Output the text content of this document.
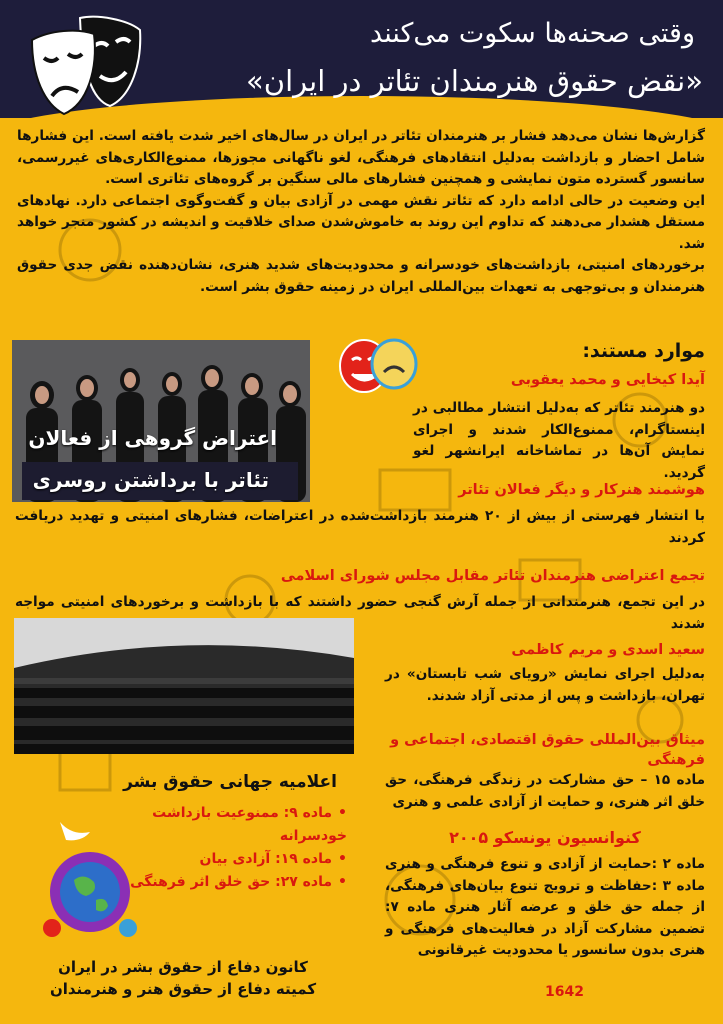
وقتی صحنه‌ها سکوت می‌کنند
«نقض حقوق هنرمندان تئاتر در ایران»

گزارش‌ها نشان می‌دهد فشار بر هنرمندان تئاتر در ایران در سال‌های اخیر شدت یافته است. این فشارها شامل احضار و بازداشت به‌دلیل انتقادهای فرهنگی، لغو ناگهانی مجوزها، ممنوع‌الکاری‌های غیررسمی، سانسور گسترده متون نمایشی و همچنین فشارهای مالی سنگین بر گروه‌های تئاتری است.

این وضعیت در حالی ادامه دارد که تئاتر نقش مهمی در آزادی بیان و گفت‌وگوی اجتماعی دارد. نهادهای مستقل هشدار می‌دهند که تداوم این روند به خاموش‌شدن صدای خلاقیت و اندیشه در کشور منجر خواهد شد.

برخوردهای امنیتی، بازداشت‌های خودسرانه و محدودیت‌های شدید هنری، نشان‌دهنده نقض جدی حقوق هنرمندان و بی‌توجهی به تعهدات بین‌المللی ایران در زمینه حقوق بشر است.

اعتراض گروهی از فعالان
تئاتر با برداشتن روسری
موارد مستند:
آیدا کیخایی و محمد یعقوبی
دو هنرمند تئاتر که به‌دلیل انتشار مطالبی در اینستاگرام، ممنوع‌الکار شدند و اجرای نمایش آن‌ها در تماشاخانه ایرانشهر لغو گردید.
هوشمند هنرکار و دیگر فعالان تئاتر
با انتشار فهرستی از بیش از ۲۰ هنرمند بازداشت‌شده در اعتراضات، فشارهای امنیتی و تهدید دریافت کردند
تجمع اعتراضی هنرمندان تئاتر مقابل مجلس شورای اسلامی
در این تجمع، هنرمندانی از جمله آرش گنجی حضور داشتند که با بازداشت و برخوردهای امنیتی مواجه شدند
سعید اسدی و مریم کاظمی
به‌دلیل اجرای نمایش «رویای شب تابستان» در تهران، بازداشت و پس از مدتی آزاد شدند.
میثاق بین‌المللی حقوق اقتصادی، اجتماعی و فرهنگی
ماده ۱۵ – حق مشارکت در زندگی فرهنگی، حق خلق اثر هنری، و حمایت از آزادی علمی و هنری
کنوانسیون یونسکو ۲۰۰۵
ماده ۲ :حمایت از آزادی و تنوع فرهنگی و هنری ماده ۳ :حفاظت و ترویج تنوع بیان‌های فرهنگی، از جمله حق خلق و عرضه آثار هنری ماده ۷: تضمین مشارکت آزاد در فعالیت‌های فرهنگی و هنری بدون سانسور یا محدودیت غیرقانونی
اعلامیه جهانی حقوق بشر
• ماده ۹: ممنوعیت بازداشت خودسرانه
• ماده ۱۹: آزادی بیان
• ماده ۲۷: حق خلق اثر فرهنگی
کانون دفاع از حقوق بشر در ایران
کمیته دفاع از حقوق هنر و هنرمندان	1642
